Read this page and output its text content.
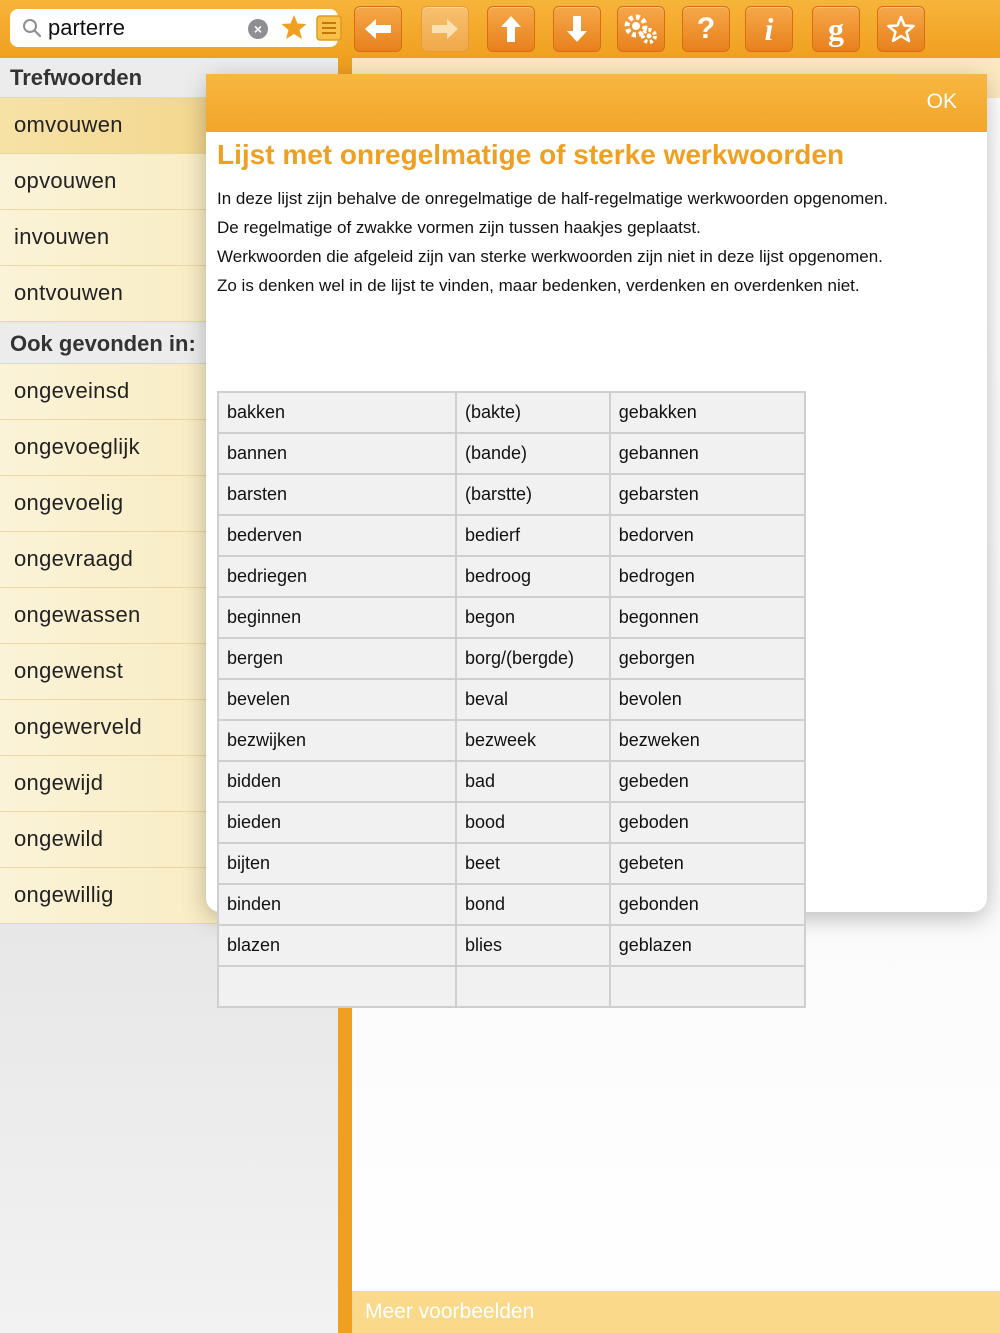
parterre
×	? i g
Trefwoorden
omvouwen
opvouwen
invouwen
ontvouwen
Ook gevonden in:
ongeveinsd
ongevoeglijk
ongevoelig
ongevraagd
ongewassen
ongewenst
ongewerveld
ongewijd
ongewild
ongewillig
Meer voorbeelden
OK
Lijst met onregelmatige of sterke werkwoorden
In deze lijst zijn behalve de onregelmatige de half-regelmatige werkwoorden opgenomen.
De regelmatige of zwakke vormen zijn tussen haakjes geplaatst.
Werkwoorden die afgeleid zijn van sterke werkwoorden zijn niet in deze lijst opgenomen.
Zo is denken wel in de lijst te vinden, maar bedenken, verdenken en overdenken niet.
bakken	(bakte)	gebakken
bannen	(bande)	gebannen
barsten	(barstte)	gebarsten
bederven	bedierf	bedorven
bedriegen	bedroog	bedrogen
beginnen	begon	begonnen
bergen	borg/(bergde)	geborgen
bevelen	beval	bevolen
bezwijken	bezweek	bezweken
bidden	bad	gebeden
bieden	bood	geboden
bijten	beet	gebeten
binden	bond	gebonden
blazen	blies	geblazen
